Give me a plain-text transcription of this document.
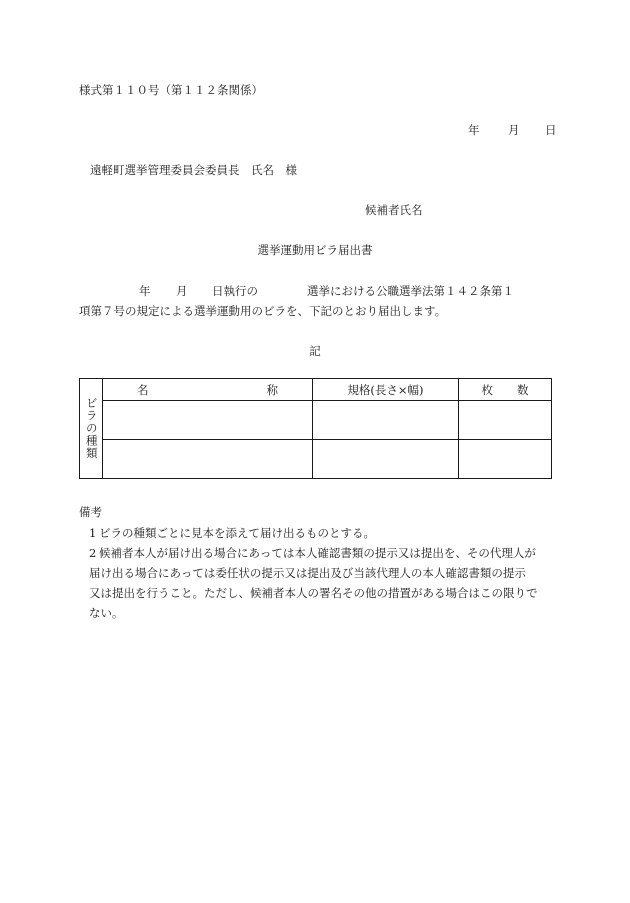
様式第１１０号（第１１２条関係）
年 月 日
遠軽町選挙管理委員会委員長　氏名　様
候補者氏名
選挙運動用ビラ届出書
年 月 日執行の	選挙における公職選挙法第１４２条第１
項第７号の規定による選挙運動用のビラを、下記のとおり届出します。
記
ビラの種類	名 称	規格(長さ×幅)	枚 数

備考
1 ビラの種類ごとに見本を添えて届け出るものとする。
2 候補者本人が届け出る場合にあっては本人確認書類の提示又は提出を、その代理人が
届け出る場合にあっては委任状の提示又は提出及び当該代理人の本人確認書類の提示
又は提出を行うこと。ただし、候補者本人の署名その他の措置がある場合はこの限りで
ない。
